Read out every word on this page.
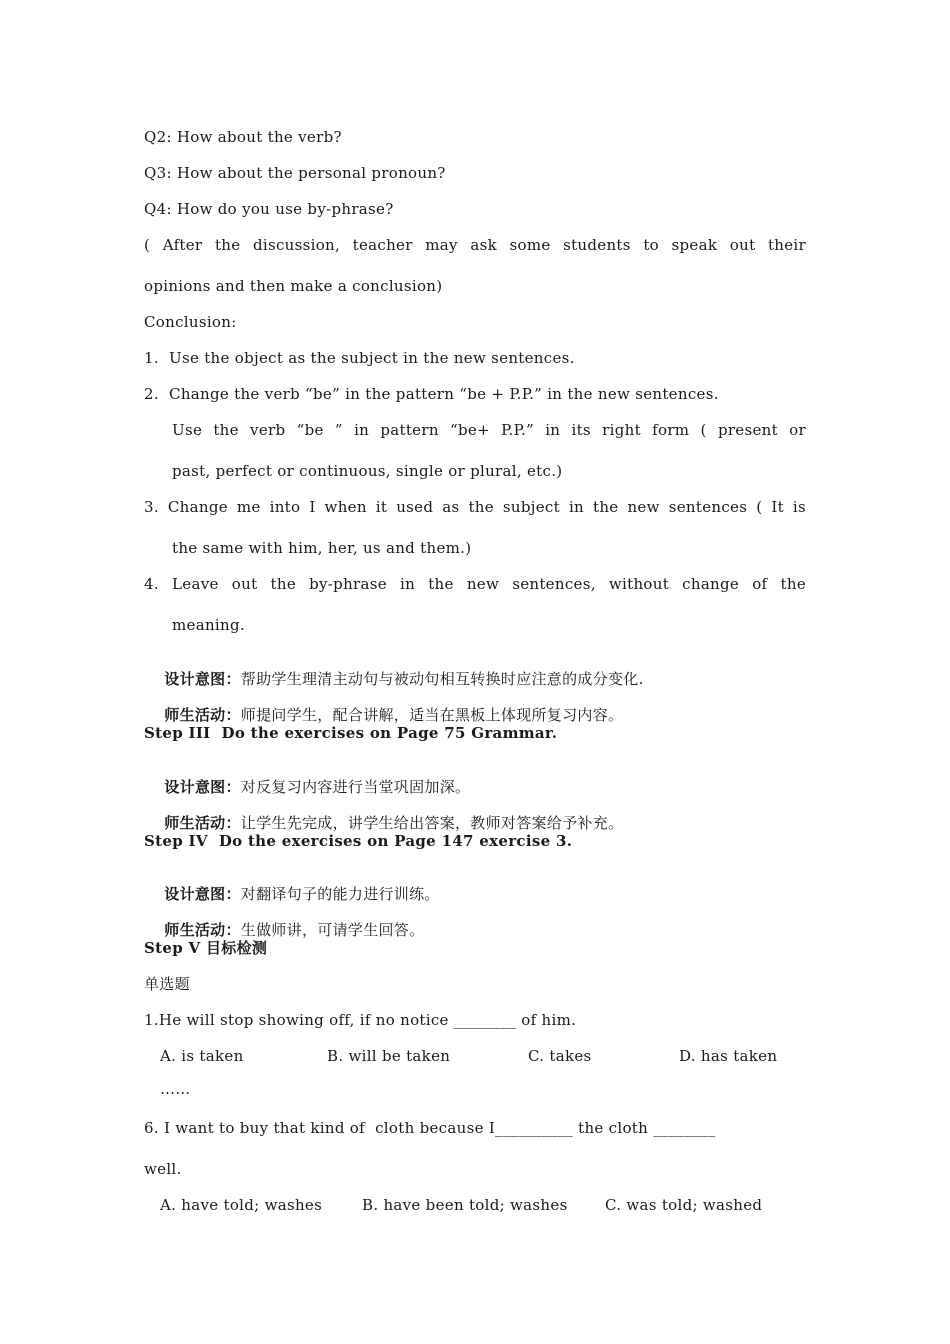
Q2: How about the verb?
Q3: How about the personal pronoun?
Q4: How do you use by-phrase?
( After the discussion, teacher may ask some students to speak out their
opinions and then make a conclusion)
Conclusion:
1.  Use the object as the subject in the new sentences.
2.  Change the verb “be” in the pattern “be + P.P.” in the new sentences.
Use the verb “be ” in pattern “be+ P.P.” in its right form ( present or
past, perfect or continuous, single or plural, etc.)
3. Change me into I when it used as the subject in the new sentences ( It is
the same with him, her, us and them.)
4. Leave out the by-phrase in the new sentences, without change of the
meaning.

设计意图：帮助学生理清主动句与被动句相互转换时应注意的成分变化.

师生活动：师提问学生，配合讲解，适当在黑板上体现所复习内容。

Step III  Do the exercises on Page 75 Grammar.

设计意图：对反复习内容进行当堂巩固加深。

师生活动：让学生先完成，讲学生给出答案，教师对答案给予补充。

Step IV  Do the exercises on Page 147 exercise 3.

设计意图：对翻译句子的能力进行训练。

师生活动：生做师讲，可请学生回答。

Step V 目标检测
单选题
1.He will stop showing off, if no notice ________ of him.
A. is taken	B. will be taken	C. takes	D. has taken
……
6. I want to buy that kind of  cloth because I__________ the cloth ________
well.
A. have told; washes	B. have been told; washes C. was told; washed
